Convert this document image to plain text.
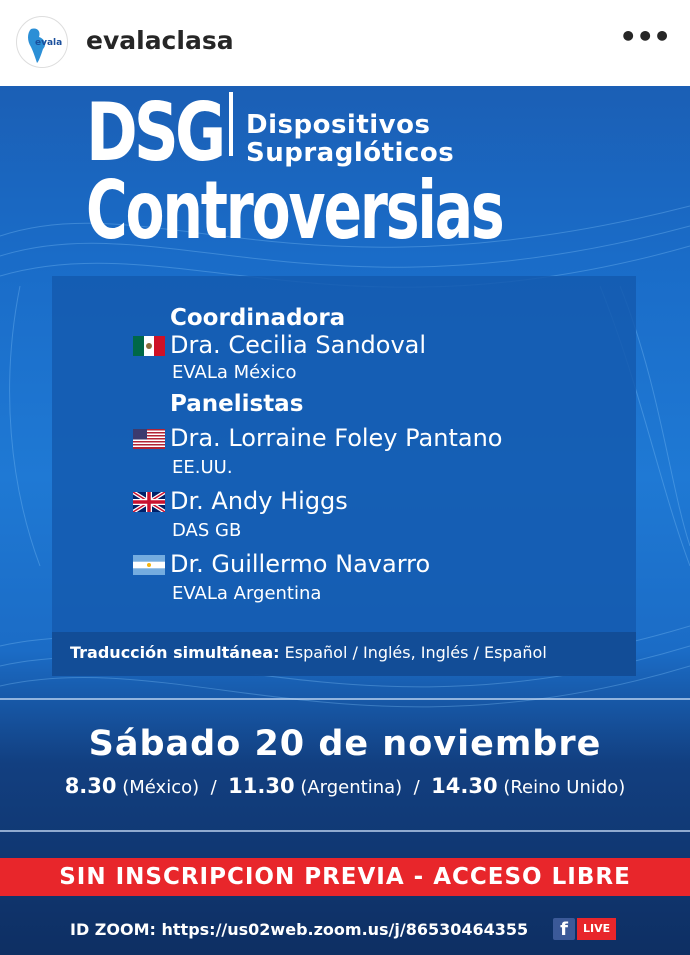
evala evalaclasa	•••
DSG Dispositivos
Supraglóticos
Controversias
Coordinadora
Dra. Cecilia Sandoval
EVALa México
Panelistas
Dra. Lorraine Foley Pantano
EE.UU.
Dr. Andy Higgs
DAS GB
Dr. Guillermo Navarro
EVALa Argentina
Traducción simultánea: Español / Inglés, Inglés / Español
Sábado 20 de noviembre
8.30 (México) / 11.30 (Argentina) / 14.30 (Reino Unido)
SIN INSCRIPCION PREVIA - ACCESO LIBRE
ID ZOOM: https://us02web.zoom.us/j/86530464355	f	LIVE
